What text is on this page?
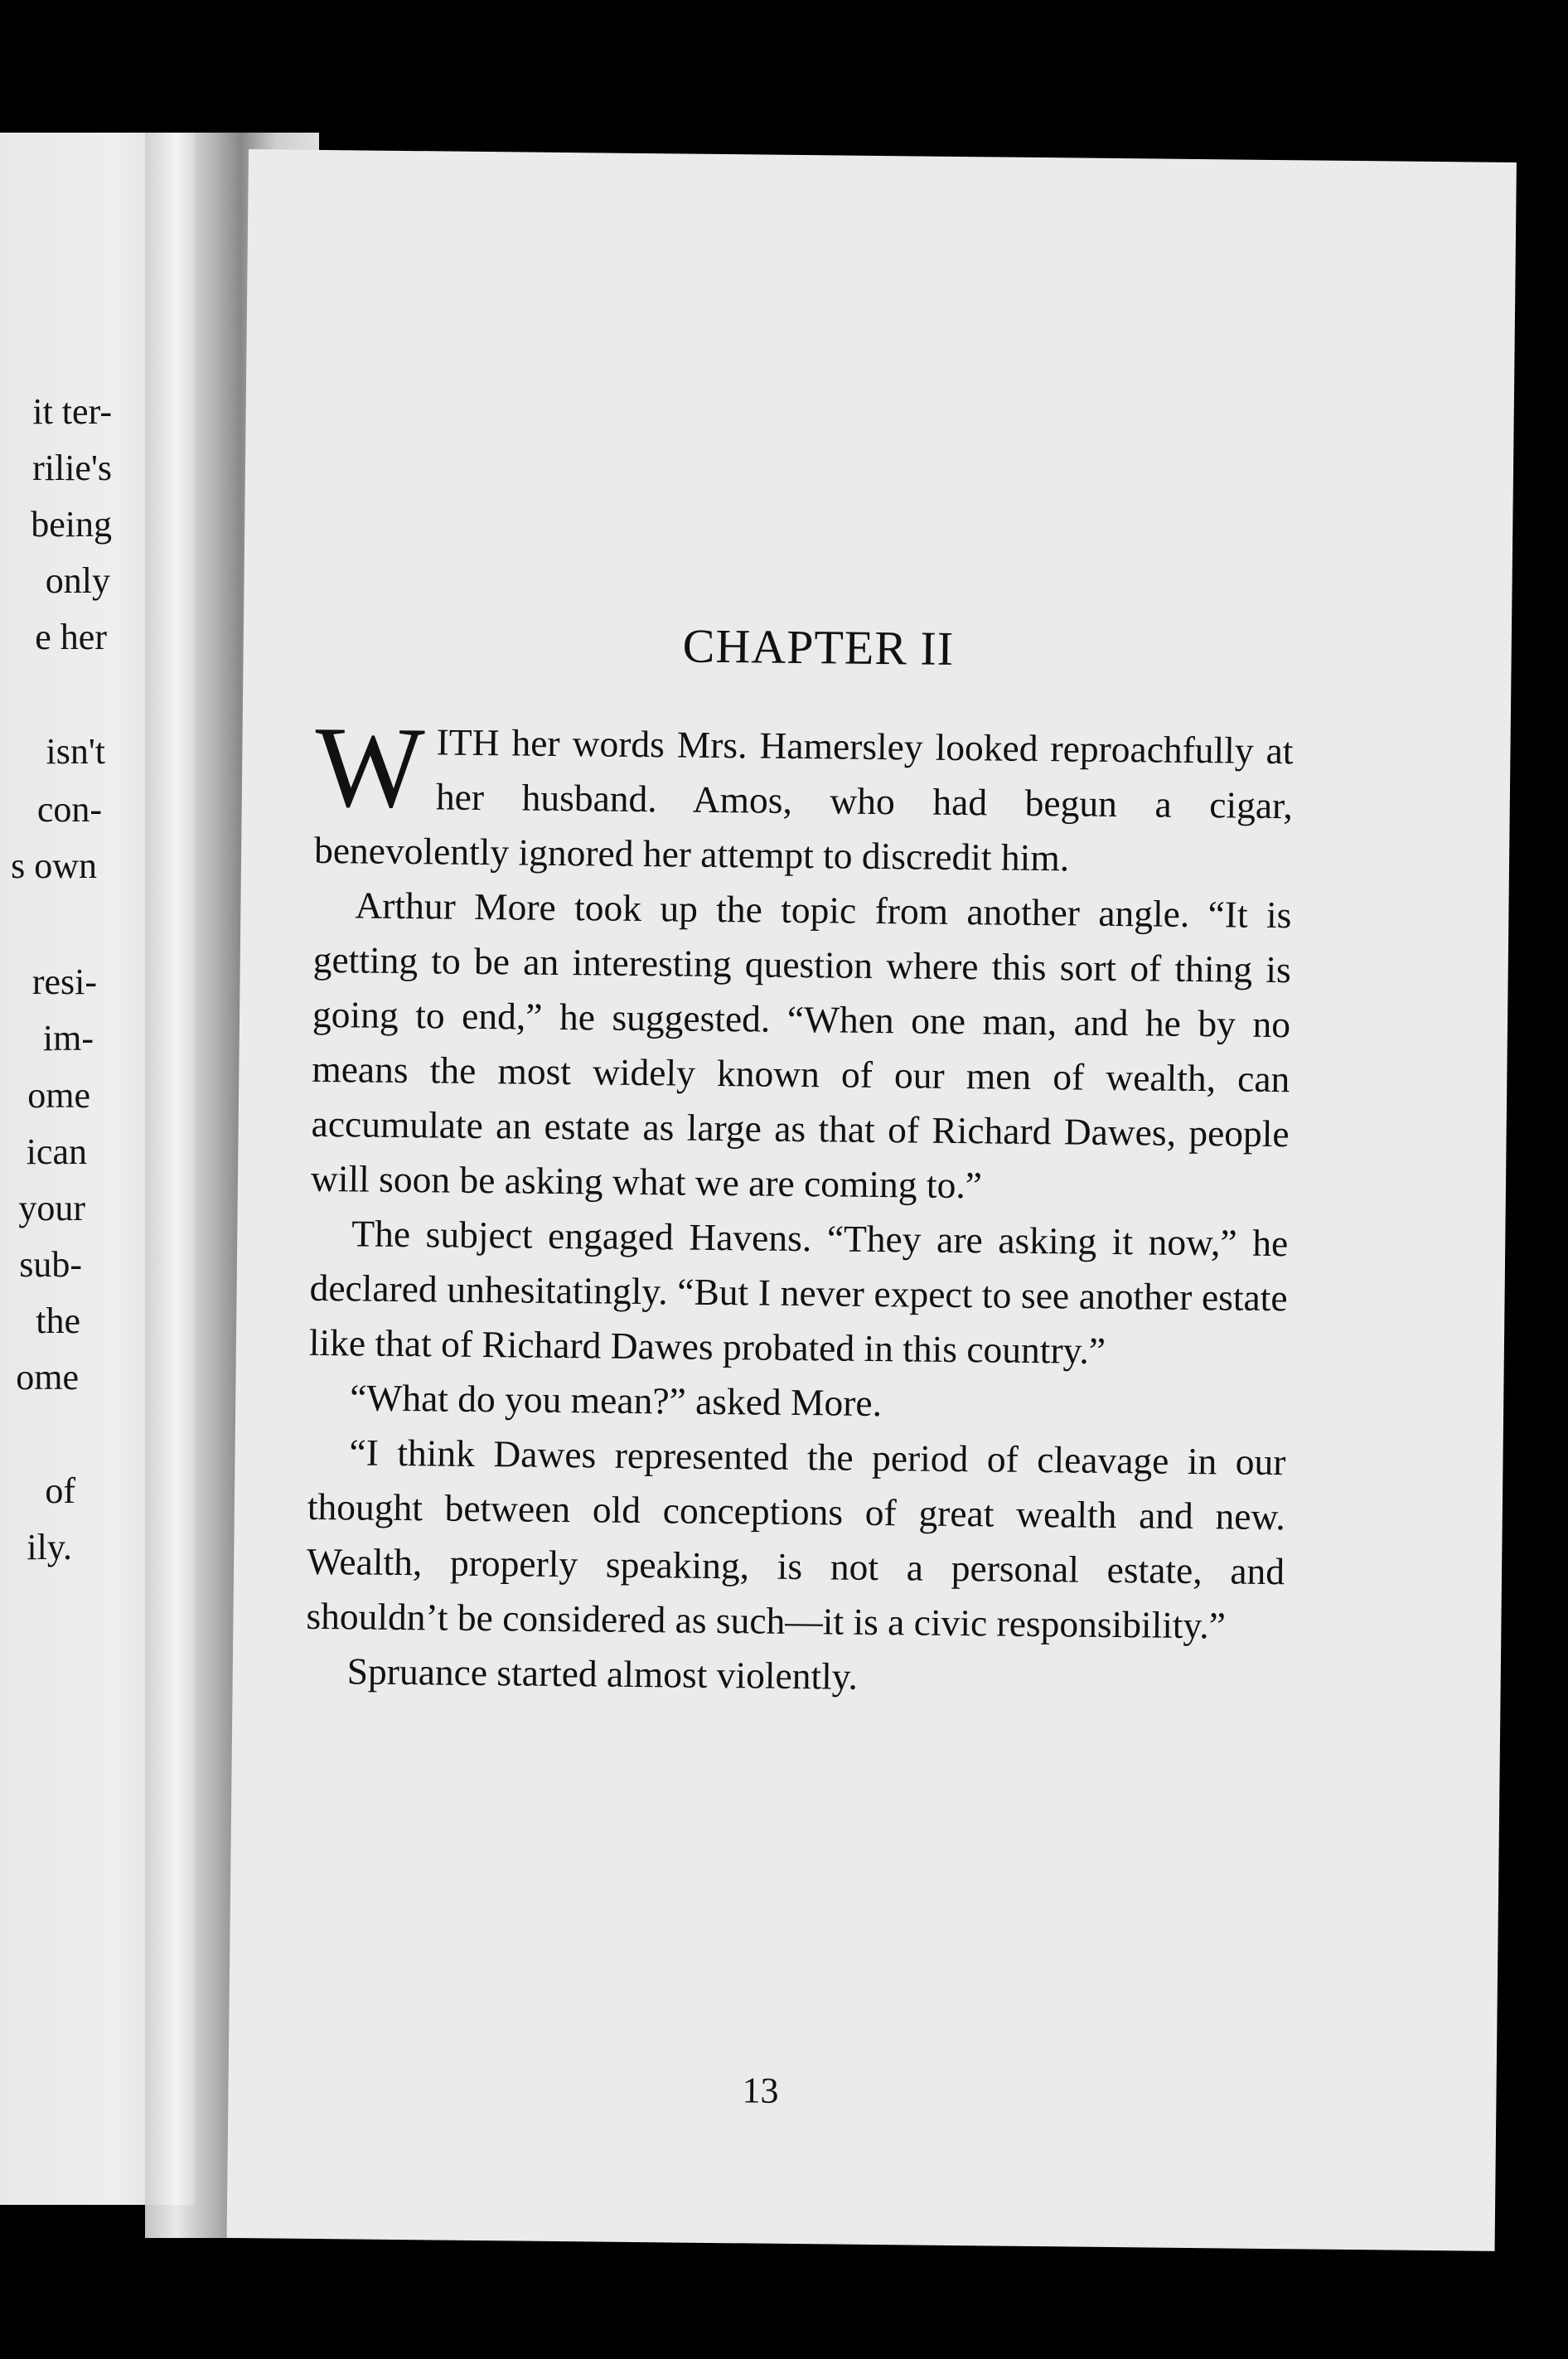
it ter-
rilie's
being
only
e her
isn't
con-
s own
resi-
im-
ome
ican
your
sub-
the
ome
of
ily.
CHAPTER II

WITH her words Mrs. Hamersley looked reproachfully at her husband. Amos, who had begun a cigar, benevolently ignored her attempt to discredit him.

Arthur More took up the topic from another angle. “It is getting to be an interesting question where this sort of thing is going to end,” he suggested. “When one man, and he by no means the most widely known of our men of wealth, can accumulate an estate as large as that of Richard Dawes, people will soon be asking what we are coming to.”

The subject engaged Havens. “They are asking it now,” he declared unhesitatingly. “But I never expect to see another estate like that of Richard Dawes probated in this country.”

“What do you mean?” asked More.

“I think Dawes represented the period of cleavage in our thought between old conceptions of great wealth and new. Wealth, properly speaking, is not a personal estate, and shouldn’t be considered as such—it is a civic responsibility.”

Spruance started almost violently.

13
